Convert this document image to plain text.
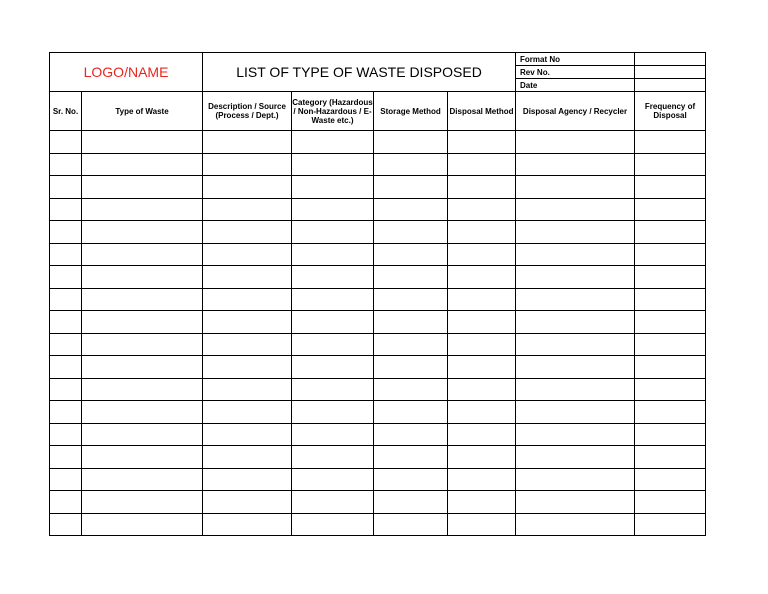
LOGO/NAME		LIST OF TYPE OF WASTE DISPOSED				Format No	
						Rev No.	
						Date	
Sr. No.	Type of Waste	Description / Source (Process / Dept.)	Category (Hazardous / Non-Hazardous / E-Waste etc.)	Storage Method	Disposal Method	Disposal Agency / Recycler	Frequency of Disposal
